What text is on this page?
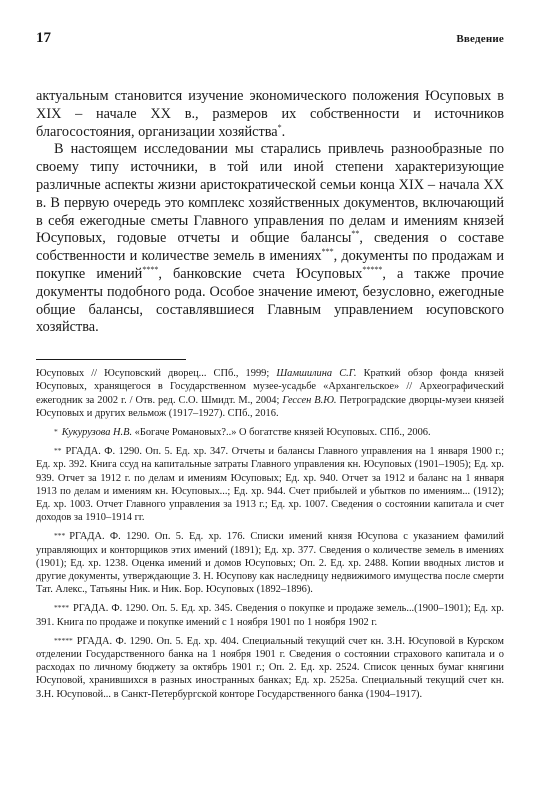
17	Введение

актуальным становится изучение экономического положения Юсуповых в XIX – начале XX в., размеров их собственности и источников благосостояния, организации хозяйства*.

В настоящем исследовании мы старались привлечь разнообразные по своему типу источники, в той или иной степени характеризующие различные аспекты жизни аристократической семьи конца XIX – начала XX в. В первую очередь это комплекс хозяйственных документов, включающий в себя ежегодные сметы Главного управления по делам и имениям князей Юсуповых, годовые отчеты и общие балансы**, сведения о составе собственности и количестве земель в имениях***, документы по продажам и покупке имений****, банковские счета Юсуповых*****, а также прочие документы подобного рода. Особое значение имеют, безусловно, ежегодные общие балансы, составлявшиеся Главным управлением юсуповского хозяйства.

Юсуповых // Юсуповский дворец... СПб., 1999; Шамшилина С.Г. Краткий обзор фонда князей Юсуповых, хранящегося в Государственном музее-усадьбе «Архангельское» // Археографический ежегодник за 2002 г. / Отв. ред. С.О. Шмидт. М., 2004; Гессен В.Ю. Петроградские дворцы-музеи князей Юсуповых и других вельмож (1917–1927). СПб., 2016.

* Кукурузова Н.В. «Богаче Романовых?..» О богатстве князей Юсуповых. СПб., 2006.

** РГАДА. Ф. 1290. Оп. 5. Ед. хр. 347. Отчеты и балансы Главного управления на 1 января 1900 г.; Ед. хр. 392. Книга ссуд на капитальные затраты Главного управления кн. Юсуповых (1901–1905); Ед. хр. 939. Отчет за 1912 г. по делам и имениям Юсуповых; Ед. хр. 940. Отчет за 1912 и баланс на 1 января 1913 по делам и имениям кн. Юсуповых...; Ед. хр. 944. Счет прибылей и убытков по имениям... (1912); Ед. хр. 1003. Отчет Главного управления за 1913 г.; Ед. хр. 1007. Сведения о состоянии капитала и счет доходов за 1910–1914 гг.

*** РГАДА. Ф. 1290. Оп. 5. Ед. хр. 176. Списки имений князя Юсупова с указанием фамилий управляющих и конторщиков этих имений (1891); Ед. хр. 377. Сведения о количестве земель в имениях (1901); Ед. хр. 1238. Оценка имений и домов Юсуповых; Оп. 2. Ед. хр. 2488. Копии вводных листов и другие документы, утверждающие З. Н. Юсупову как наследницу недвижимого имущества после смерти Тат. Алекс., Татьяны Ник. и Ник. Бор. Юсуповых (1892–1896).

**** РГАДА. Ф. 1290. Оп. 5. Ед. хр. 345. Сведения о покупке и продаже земель...(1900–1901); Ед. хр. 391. Книга по продаже и покупке имений с 1 ноября 1901 по 1 ноября 1902 г.

***** РГАДА. Ф. 1290. Оп. 5. Ед. хр. 404. Специальный текущий счет кн. З.Н. Юсуповой в Курском отделении Государственного банка на 1 ноября 1901 г. Сведения о состоянии страхового капитала и о расходах по личному бюджету за октябрь 1901 г.; Оп. 2. Ед. хр. 2524. Список ценных бумаг княгини Юсуповой, хранившихся в разных иностранных банках; Ед. хр. 2525а. Специальный текущий счет кн. З.Н. Юсуповой... в Санкт-Петербургской конторе Государственного банка (1904–1917).
